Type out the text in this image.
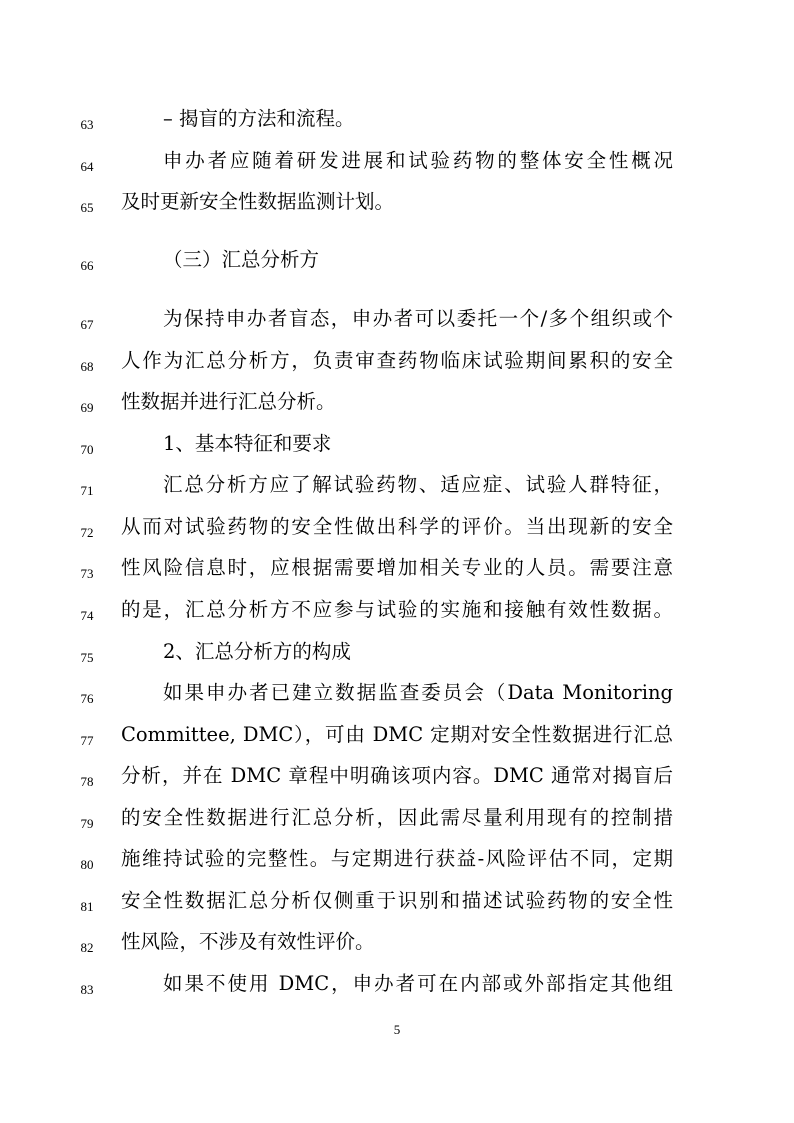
63	– 揭盲的方法和流程。
64	申办者应随着研发进展和试验药物的整体安全性概况
65	及时更新安全性数据监测计划。
66	（三）汇总分析方
67	为保持申办者盲态，申办者可以委托一个/多个组织或个
68	人作为汇总分析方，负责审查药物临床试验期间累积的安全
69	性数据并进行汇总分析。
70	1、基本特征和要求
71	汇总分析方应了解试验药物、适应症、试验人群特征，
72	从而对试验药物的安全性做出科学的评价。当出现新的安全
73	性风险信息时，应根据需要增加相关专业的人员。需要注意
74	的是，汇总分析方不应参与试验的实施和接触有效性数据。
75	2、汇总分析方的构成
76	如果申办者已建立数据监查委员会（Data Monitoring
77	Committee, DMC），可由 DMC 定期对安全性数据进行汇总
78	分析，并在 DMC 章程中明确该项内容。DMC 通常对揭盲后
79	的安全性数据进行汇总分析，因此需尽量利用现有的控制措
80	施维持试验的完整性。与定期进行获益-风险评估不同，定期
81	安全性数据汇总分析仅侧重于识别和描述试验药物的安全性
82	性风险，不涉及有效性评价。
83	如果不使用 DMC，申办者可在内部或外部指定其他组
5
